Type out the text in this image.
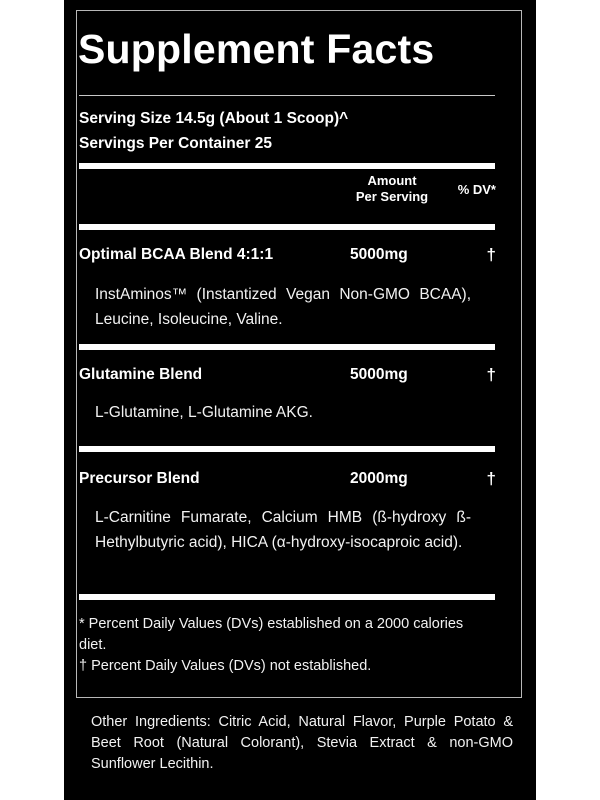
Supplement Facts
Serving Size 14.5g (About 1 Scoop)^
Servings Per Container 25
Amount
Per Serving	% DV*
Optimal BCAA Blend 4:1:1	5000mg	†
InstAminos™ (Instantized Vegan Non-GMO BCAA), Leucine, Isoleucine, Valine.
Glutamine Blend	5000mg	†
L-Glutamine, L-Glutamine AKG.
Precursor Blend	2000mg	†
L-Carnitine Fumarate, Calcium HMB (ß-hydroxy ß-Hethylbutyric acid), HICA (α-hydroxy-isocaproic acid).
* Percent Daily Values (DVs) established on a 2000 calories diet.
† Percent Daily Values (DVs) not established.
Other Ingredients: Citric Acid, Natural Flavor, Purple Potato & Beet Root (Natural Colorant), Stevia Extract & non-GMO Sunflower Lecithin.
